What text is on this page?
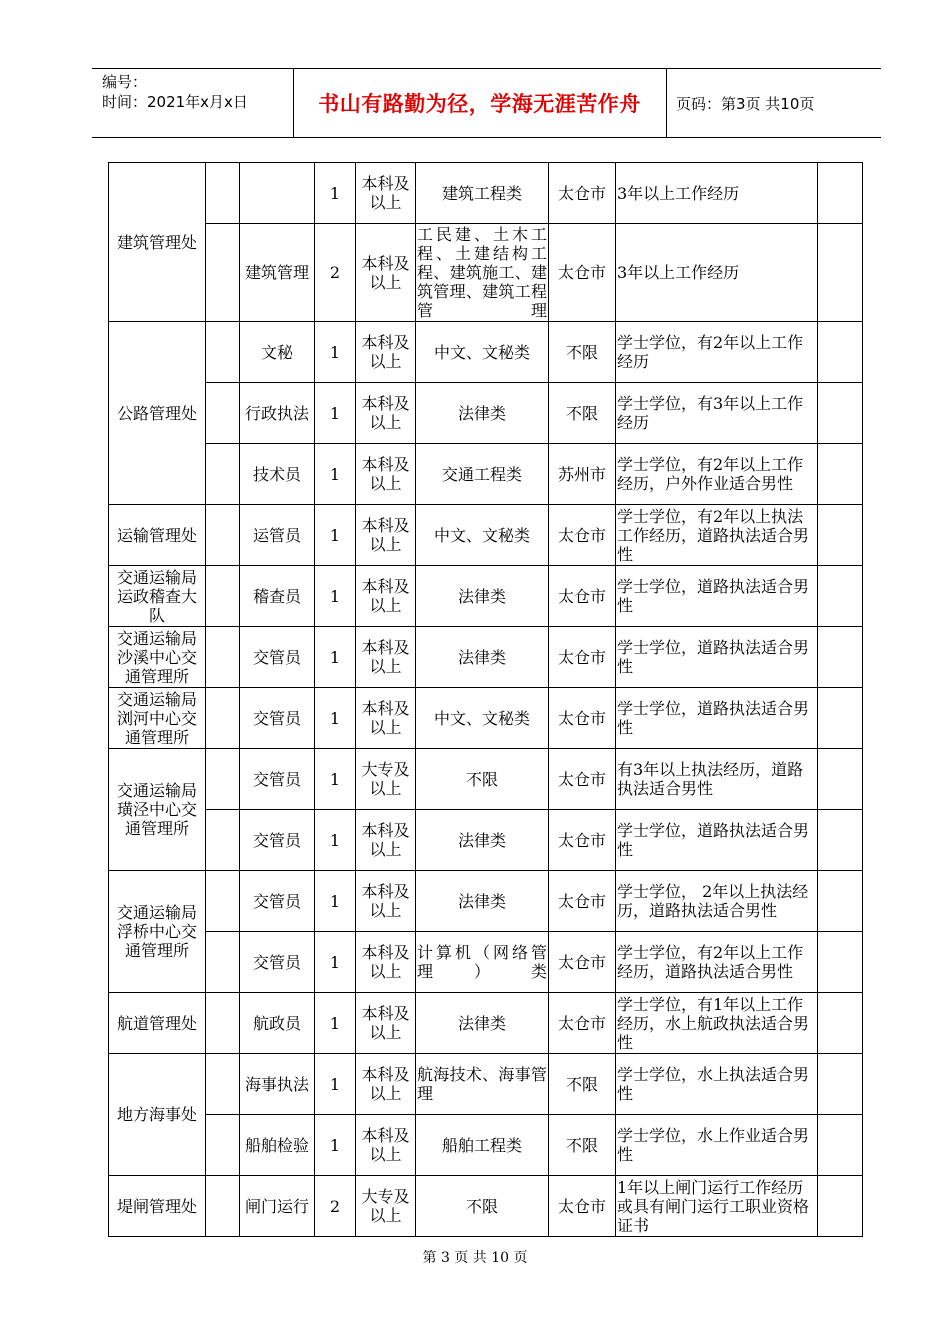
编号：
时间：2021年x月x日	书山有路勤为径，学海无涯苦作舟	页码：第3页 共10页
建筑管理处			1	本科及以上	建筑工程类	太仓市	3年以上工作经历	
		建筑管理	2	本科及以上	工民建、土木工程、土建结构工程、建筑施工、建筑管理、建筑工程管理	太仓市	3年以上工作经历	
公路管理处		文秘	1	本科及以上	中文、文秘类	不限	学士学位，有2年以上工作经历	
		行政执法	1	本科及以上	法律类	不限	学士学位，有3年以上工作经历	
		技术员	1	本科及以上	交通工程类	苏州市	学士学位，有2年以上工作经历，户外作业适合男性	
运输管理处		运管员	1	本科及以上	中文、文秘类	太仓市	学士学位，有2年以上执法工作经历，道路执法适合男性	
交通运输局运政稽查大队		稽查员	1	本科及以上	法律类	太仓市	学士学位，道路执法适合男性	
交通运输局沙溪中心交通管理所		交管员	1	本科及以上	法律类	太仓市	学士学位，道路执法适合男性	
交通运输局浏河中心交通管理所		交管员	1	本科及以上	中文、文秘类	太仓市	学士学位，道路执法适合男性	
交通运输局璜泾中心交通管理所		交管员	1	大专及以上	不限	太仓市	有3年以上执法经历，道路执法适合男性	
		交管员	1	本科及以上	法律类	太仓市	学士学位，道路执法适合男性	
交通运输局浮桥中心交通管理所		交管员	1	本科及以上	法律类	太仓市	学士学位， 2年以上执法经历，道路执法适合男性	
		交管员	1	本科及以上	计算机（网络管理）类	太仓市	学士学位，有2年以上工作经历，道路执法适合男性	
航道管理处		航政员	1	本科及以上	法律类	太仓市	学士学位，有1年以上工作经历，水上航政执法适合男性	
地方海事处		海事执法	1	本科及以上	航海技术、海事管理	不限	学士学位，水上执法适合男性	
		船舶检验	1	本科及以上	船舶工程类	不限	学士学位，水上作业适合男性	
堤闸管理处		闸门运行	2	大专及以上	不限	太仓市	1年以上闸门运行工作经历或具有闸门运行工职业资格证书	
第 3 页 共 10 页
